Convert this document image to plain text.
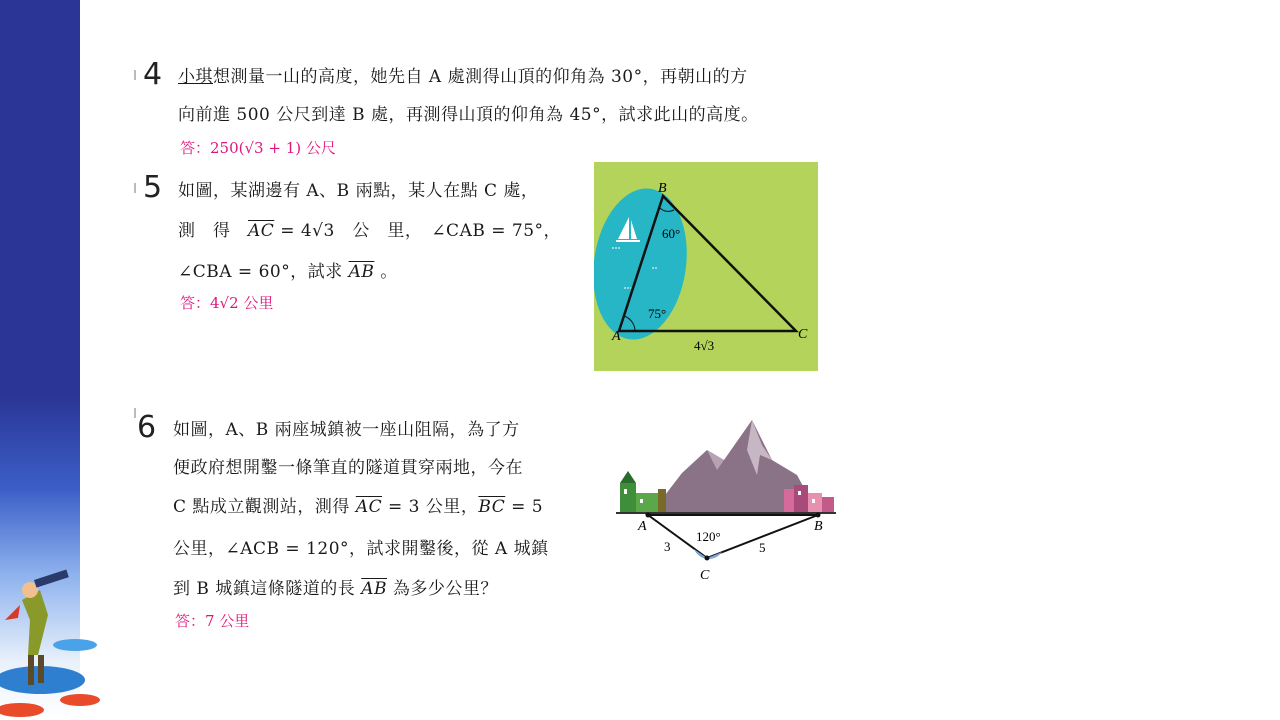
4 小琪想測量一山的高度，她先自 A 處測得山頂的仰角為 30°，再朝山的方
向前進 500 公尺到達 B 處，再測得山頂的仰角為 45°，試求此山的高度。
答：250(√3 + 1) 公尺
5 如圖，某湖邊有 A、B 兩點，某人在點 C 處，
測　得　$\overline{AC} = 4√3$　公　里，　∠CAB = 75°，
∠CBA = 60°，試求 $\overline{AB}$ 。
答：4√2 公里
B
A	C
60°
75°
4√3
6 如圖，A、B 兩座城鎮被一座山阻隔，為了方
便政府想開鑿一條筆直的隧道貫穿兩地，今在
C 點成立觀測站，測得 $\overline{AC} = 3$ 公里，$\overline{BC} = 5$
公里，∠ACB = 120°，試求開鑿後，從 A 城鎮
到 B 城鎮這條隧道的長 $\overline{AB}$ 為多少公里？
答：7 公里
A	B
C
3	5
120°
